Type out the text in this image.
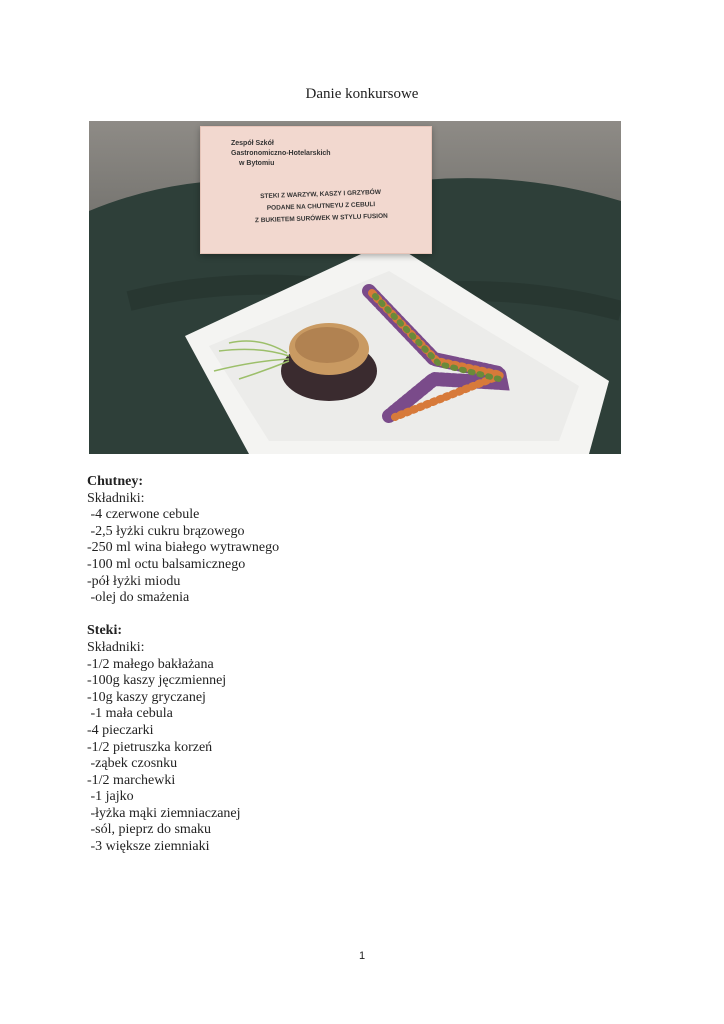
Danie konkursowe
Zespół Szkół
Gastronomiczno-Hotelarskich
w Bytomiu
STEKI Z WARZYW, KASZY I GRZYBÓW
PODANE NA CHUTNEYU Z CEBULI
Z BUKIETEM SURÓWEK W STYLU FUSION
Chutney:
Składniki:
-4 czerwone cebule
-2,5 łyżki cukru brązowego
-250 ml wina białego wytrawnego
-100 ml octu balsamicznego
-pół łyżki miodu
-olej do smażenia
Steki:
Składniki:
-1/2 małego bakłażana
-100g kaszy jęczmiennej
-10g kaszy gryczanej
-1 mała cebula
-4 pieczarki
-1/2 pietruszka korzeń
-ząbek czosnku
-1/2 marchewki
-1 jajko
-łyżka mąki ziemniaczanej
-sól, pieprz do smaku
-3 większe ziemniaki
1
